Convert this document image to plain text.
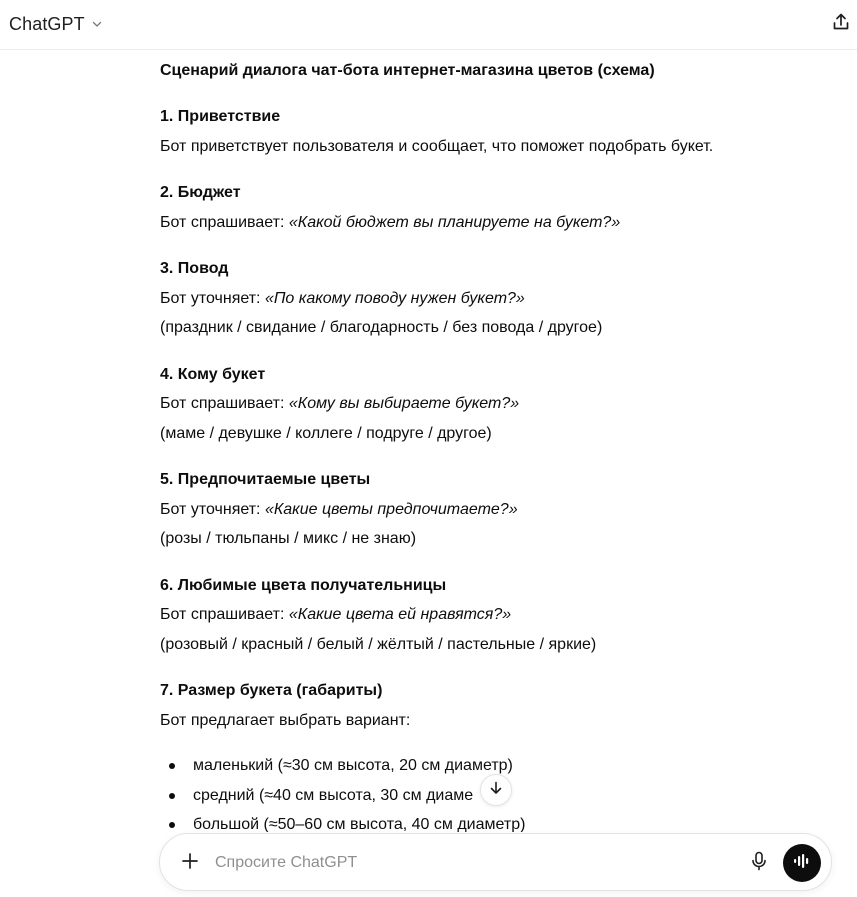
ChatGPT
Сценарий диалога чат-бота интернет-магазина цветов (схема)
1. Приветствие
Бот приветствует пользователя и сообщает, что поможет подобрать букет.
2. Бюджет
Бот спрашивает: «Какой бюджет вы планируете на букет?»
3. Повод
Бот уточняет: «По какому поводу нужен букет?»
(праздник / свидание / благодарность / без повода / другое)
4. Кому букет
Бот спрашивает: «Кому вы выбираете букет?»
(маме / девушке / коллеге / подруге / другое)
5. Предпочитаемые цветы
Бот уточняет: «Какие цветы предпочитаете?»
(розы / тюльпаны / микс / не знаю)
6. Любимые цвета получательницы
Бот спрашивает: «Какие цвета ей нравятся?»
(розовый / красный / белый / жёлтый / пастельные / яркие)
7. Размер букета (габариты)
Бот предлагает выбрать вариант:
маленький (≈30 см высота, 20 см диаметр)
средний (≈40 см высота, 30 см диаме
большой (≈50–60 см высота, 40 см диаметр)
Спросите ChatGPT
